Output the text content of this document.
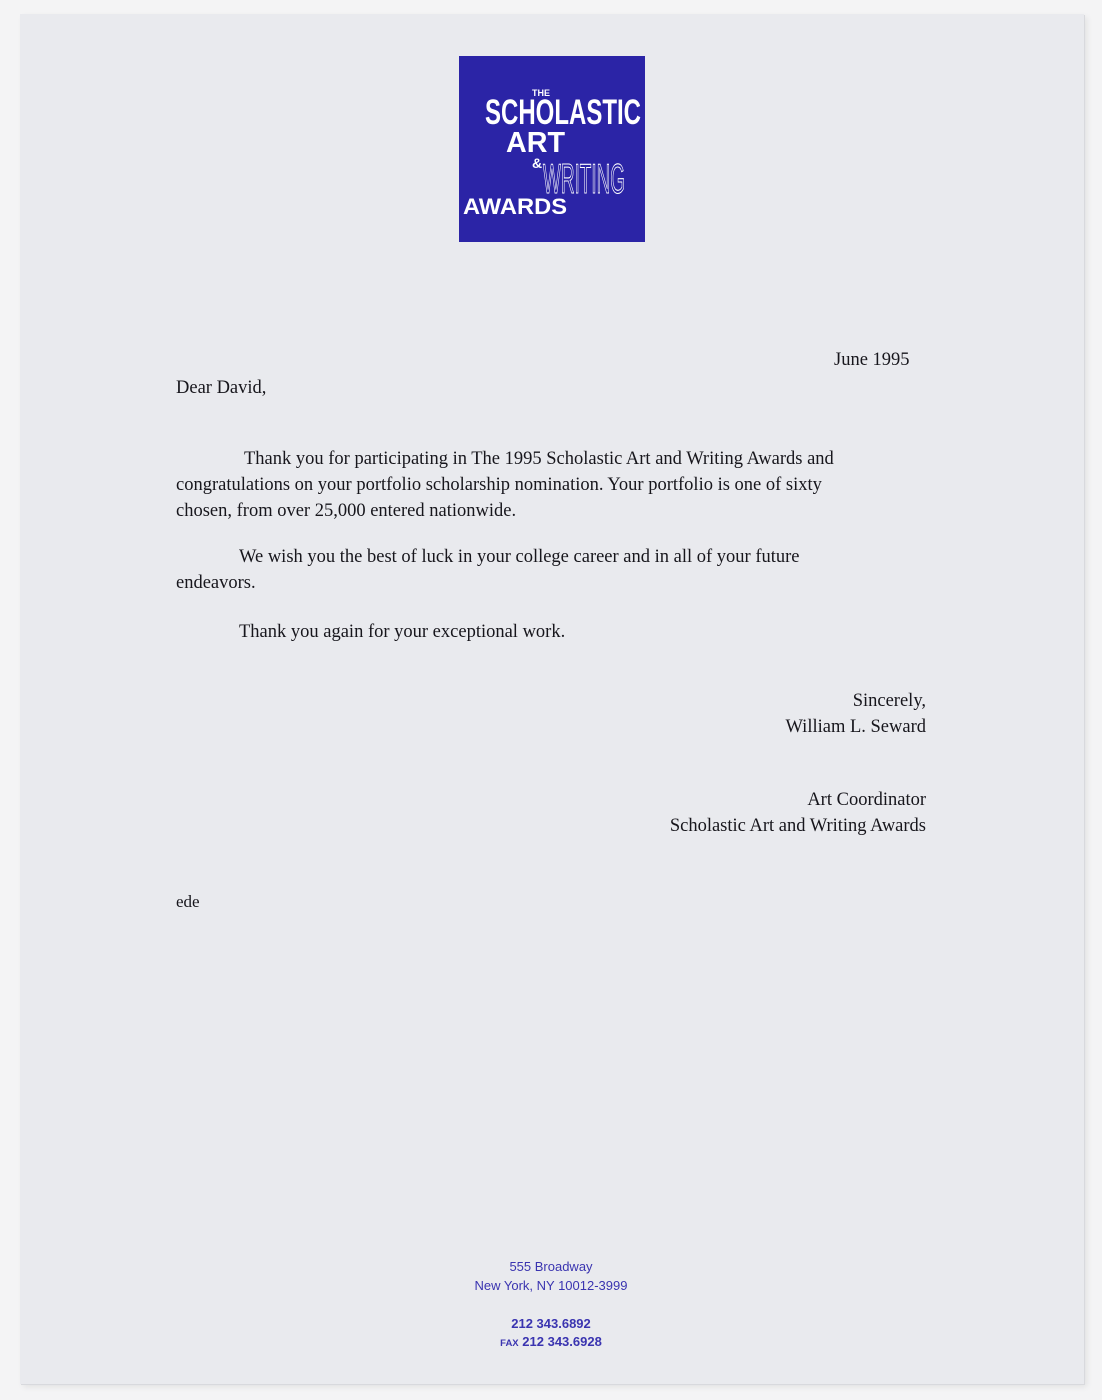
THE
SCHOLASTIC
ART
& WRITING
AWARDS
June 1995
Dear David,
Thank you for participating in The 1995 Scholastic Art and Writing Awards and
congratulations on your portfolio scholarship nomination. Your portfolio is one of sixty
chosen, from over 25,000 entered nationwide.
We wish you the best of luck in your college career and in all of your future
endeavors.
Thank you again for your exceptional work.
Sincerely,
William L. Seward
Art Coordinator
Scholastic Art and Writing Awards
ede
555 Broadway
New York, NY 10012-3999
212 343.6892
FAX 212 343.6928
